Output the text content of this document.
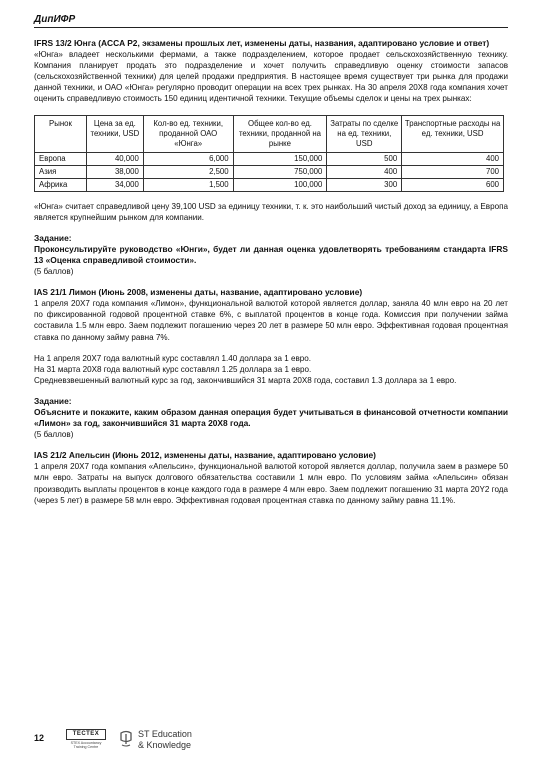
ДипИФР

IFRS 13/2 Юнга (ACCA P2, экзамены прошлых лет, изменены даты, названия, адаптировано условие и ответ)

«Юнга» владеет несколькими фермами, а также подразделением, которое продает сельскохозяйственную технику. Компания планирует продать это подразделение и хочет получить справедливую оценку стоимости запасов (сельскохозяйственной техники) для целей продажи предприятия. В настоящее время существует три рынка для продажи данной техники, и ОАО «Юнга» регулярно проводит операции на всех трех рынках. На 30 апреля 20X8 года компания хочет оценить справедливую стоимость 150 единиц идентичной техники. Текущие объемы сделок и цены на трех рынках:

Рынок	Цена за ед. техники, USD	Кол-во ед. техники, проданной ОАО «Юнга»	Общее кол-во ед. техники, проданной на рынке	Затраты по сделке на ед. техники, USD	Транспортные расходы на ед. техники, USD
Европа	40,000	6,000	150,000	500	400
Азия	38,000	2,500	750,000	400	700
Африка	34,000	1,500	100,000	300	600

«Юнга» считает справедливой цену 39,100 USD за единицу техники, т. к. это наибольший чистый доход за единицу, а Европа является крупнейшим рынком для компании.

Задание:

Проконсультируйте руководство «Юнги», будет ли данная оценка удовлетворять требованиям стандарта IFRS 13 «Оценка справедливой стоимости».

(5 баллов)

IAS 21/1 Лимон (Июнь 2008, изменены даты, название, адаптировано условие)

1 апреля 20X7 года компания «Лимон», функциональной валютой которой является доллар, заняла 40 млн евро на 20 лет по фиксированной годовой процентной ставке 6%, с выплатой процентов в конце года. Комиссия при получении займа составила 1.5 млн евро. Заем подлежит погашению через 20 лет в размере 50 млн евро. Эффективная годовая процентная ставка по данному займу равна 7%.

На 1 апреля 20X7 года валютный курс составлял 1.40 доллара за 1 евро.

На 31 марта 20X8 года валютный курс составлял 1.25 доллара за 1 евро.

Средневзвешенный валютный курс за год, закончившийся 31 марта 20X8 года, составил 1.3 доллара за 1 евро.

Задание:

Объясните и покажите, каким образом данная операция будет учитываться в финансовой отчетности компании «Лимон» за год, закончившийся 31 марта 20X8 года.

(5 баллов)

IAS 21/2 Апельсин (Июнь 2012, изменены даты, название, адаптировано условие)

1 апреля 20X7 года компания «Апельсин», функциональной валютой которой является доллар, получила заем в размере 50 млн евро. Затраты на выпуск долгового обязательства составили 1 млн евро. По условиям займа «Апельсин» обязан производить выплаты процентов в конце каждого года в размере 4 млн евро. Заем подлежит погашению 31 марта 20Y2 года (через 5 лет) в размере 58 млн евро. Эффективная годовая процентная ставка по данному займу равна 11.1%.

12	ТЕСТЕХ
STEX Accountancy Training Centre
ST Education
& Knowledge
